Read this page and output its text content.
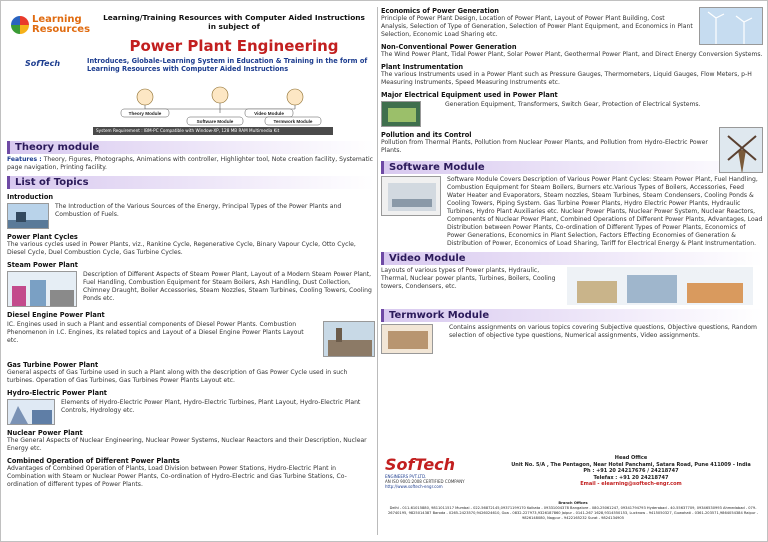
Learning
Resources
Learning/Training Resources with Computer Aided Instructions
in subject of
Power Plant Engineering
SofTech	Introduces, Globale-Learning System in Education & Training in the form of Learning Resources with Computer Aided Instructions
Theory Module	Video Module
Software Module	Termwork Module
System Requirement : IBM-PC Compatible with Window-XP, 128 MB RAM Multimedia Kit
Theory module
Features : Theory, Figures, Photographs, Animations with controller, Highlighter tool, Note creation facility, Systematic page navigation, Printing facility.
List of Topics
Introduction
The Introduction of the Various Sources of the Energy, Principal Types of the Power Plants and Combustion of Fuels.
Power Plant Cycles
The various cycles used in Power Plants, viz., Rankine Cycle, Regenerative Cycle, Binary Vapour Cycle, Otto Cycle, Diesel Cycle, Duel Combustion Cycle, Gas Turbine Cycles.
Steam Power Plant
Description of Different Aspects of Steam Power Plant, Layout of a Modern Steam Power Plant, Fuel Handling, Combustion Equipment for Steam Boilers, Ash Handling, Dust Collection, Chimney Draught, Boiler Accessories, Steam Nozzles, Steam Turbines, Cooling Towers, Cooling Ponds etc.
Diesel Engine Power Plant
IC. Engines used in such a Plant and essential components of Diesel Power Plants. Combustion Phenomenon in I.C. Engines, its related topics and Layout of a Diesel Engine Power Plants Layout etc.
Gas Turbine Power Plant
General aspects of Gas Turbine used in such a Plant along with the description of Gas Power Cycle used in such turbines. Operation of Gas Turbines, Gas Turbines Power Plants Layout etc.
Hydro-Electric Power Plant
Elements of Hydro-Electric Power Plant, Hydro-Electric Turbines, Plant Layout, Hydro-Electric Plant Controls, Hydrology etc.
Nuclear Power Plant
The General Aspects of Nuclear Engineering, Nuclear Power Systems, Nuclear Reactors and their Description, Nuclear Energy etc.
Combined Operation of Different Power Plants
Advantages of Combined Operation of Plants, Load Division between Power Stations, Hydro-Electric Plant in Combination with Steam or Nuclear Power Plants, Co-ordination of Hydro-Electric and Gas Turbine Stations, Co-ordination of different types of Power Plants.
Economics of Power Generation
Principle of Power Plant Design, Location of Power Plant, Layout of Power Plant Building, Cost Analysis, Selection of Type of Generation, Selection of Power Plant Equipment, and Economics in Plant Selection, Economic Load Sharing etc.
Non-Conventional Power Generation
The Wind Power Plant, Tidal Power Plant, Solar Power Plant, Geothermal Power Plant, and Direct Energy Conversion Systems.
Plant Instrumentation
The various Instruments used in a Power Plant such as Pressure Gauges, Thermometers, Liquid Gauges, Flow Meters, p-H Measuring Instruments, Speed Measuring Instruments etc.
Major Electrical Equipment used in Power Plant
Generation Equipment, Transformers, Switch Gear, Protection of Electrical Systems.
Pollution and its Control
Pollution from Thermal Plants, Pollution from Nuclear Power Plants, and Pollution from Hydro-Electric Power Plants.
Software Module
Software Module Covers Description of Various Power Plant Cycles: Steam Power Plant, Fuel Handling, Combustion Equipment for Steam Boilers, Burners etc.Various Types of Boilers, Accessories, Feed Water Heater and Evaporators, Steam nozzles, Steam Turbines, Steam Condensers, Cooling Ponds & Cooling Towers, Piping System. Gas Turbine Power Plants, Hydro Electric Power Plants, Hydraulic Turbines, Hydro Plant Auxiliaries etc. Nuclear Power Plants, Nuclear Power System, Nuclear Reactors, Components of Nuclear Power Plant, Combined Operations of Different Power Plants, Advantages, Load Distribution between Power Plants, Co-ordination of Different Types of Power Plants, Economics of Power Generations, Economics in Plant Selection, Factors Effecting Economies of Generation & Distribution of Power, Economics of Load Sharing, Tariff for Electrical Energy & Plant Instrumentation.
Video Module
Layouts of various types of Power plants, Hydraulic, Thermal, Nuclear power plants, Turbines, Boilers, Cooling towers, Condensers, etc.
Termwork Module
Contains assignments on various topics covering Subjective questions, Objective questions, Random selection of objective type questions, Numerical assignments, Video assignments.
SofTech
ENGINEERS PVT.LTD.
AN ISO 9001:2008 CERTIFIED COMPANY
http://www.softech-engr.com
Head Office
Unit No. 5/A , The Pentagon, Near Hotel Panchami, Satara Road, Pune 411009 - India
Ph : +91 20 24217676 / 24218747
Telefax : +91 20 24218747
Email - elearning@softech-engr.com
Branch Offices
Delhi - 011-61015880, 9811011517 Mumbai - 022-56872145,09371199170 Kolkata - 09331004378 Bangalore - 080-25061247, 09341794793 Hyderabad - 40-55637709, 09346530993 Ahmedabad - 079-26740195, 9825014387 Baroda - 0265-2423570,9426024610, Goa - 0832-227973,9326187860 Jaipur - 0141-267 1628,9314550153, Lucknow - 9415050327, Guwahati - 0361-203571,9864054384 Raipur - 9826148080, Nagpur - 9422165232 Surat - 9824134905
